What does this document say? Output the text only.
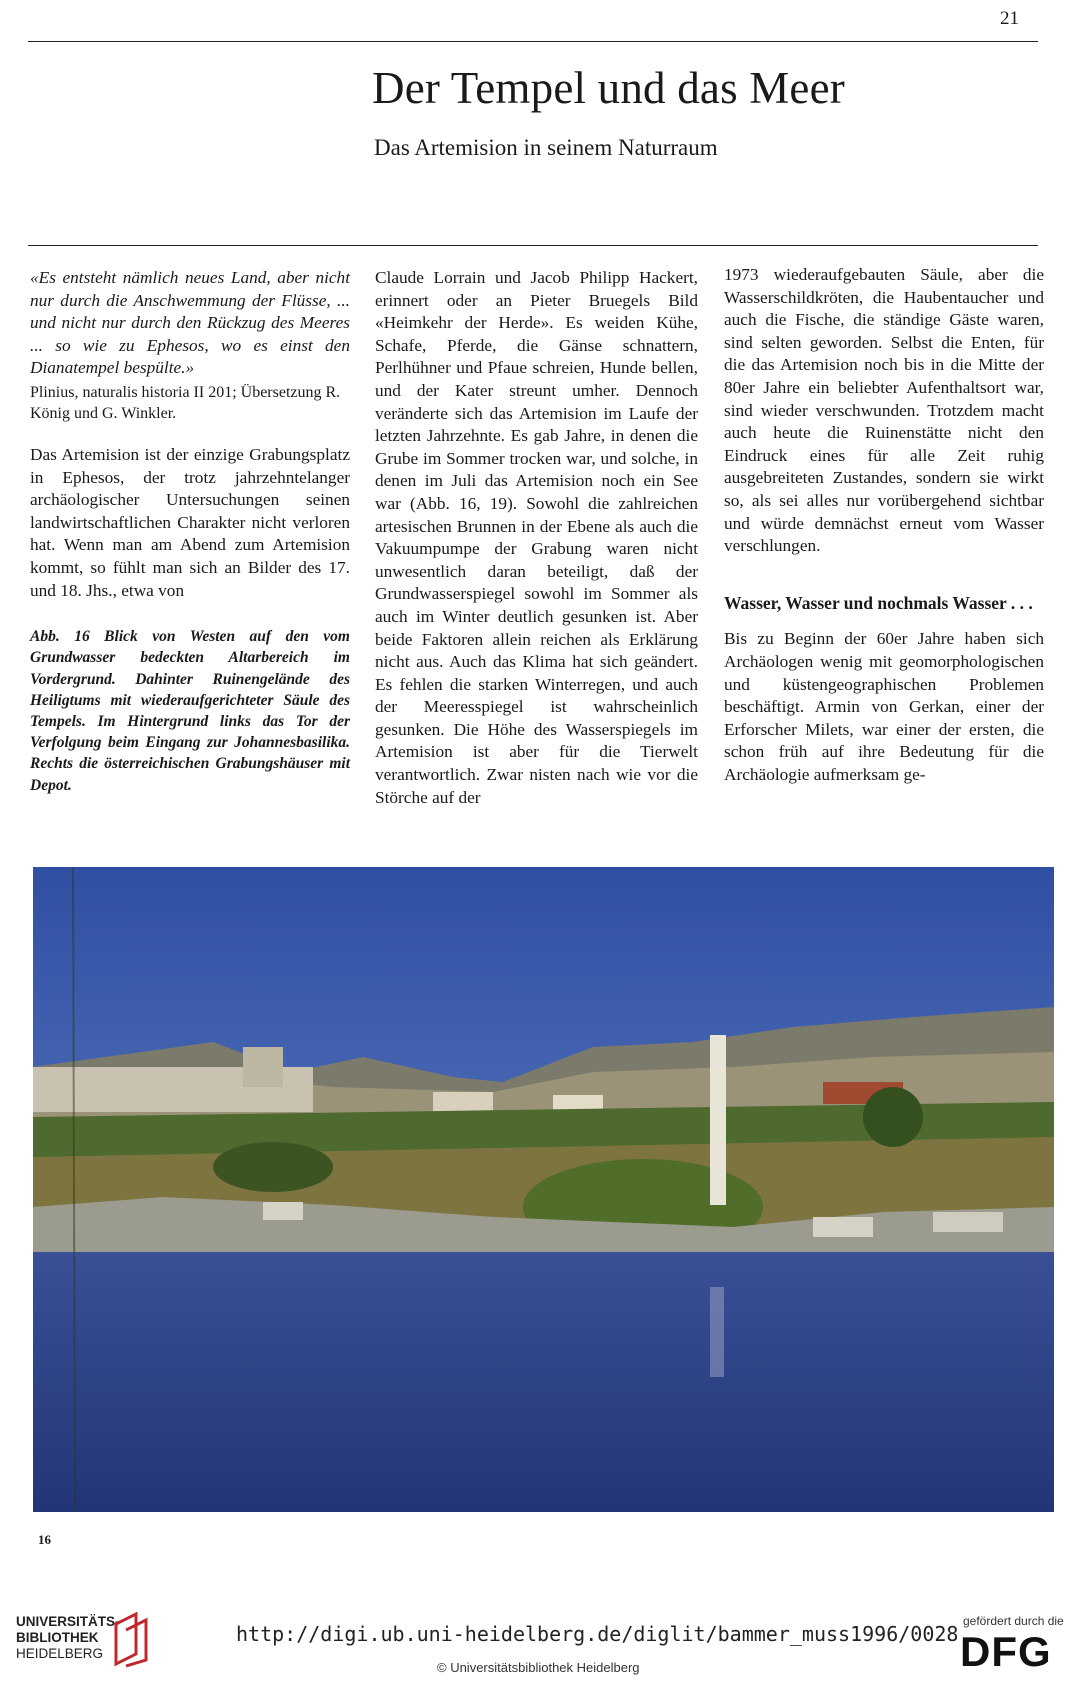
21
Der Tempel und das Meer
Das Artemision in seinem Naturraum

«Es entsteht nämlich neues Land, aber nicht nur durch die Anschwemmung der Flüsse, ... und nicht nur durch den Rückzug des Meeres ... so wie zu Ephesos, wo es einst den Dianatempel bespülte.»

Plinius, naturalis historia II 201; Übersetzung R. König und G. Winkler.

Das Artemision ist der einzige Grabungsplatz in Ephesos, der trotz jahrzehntelanger archäologischer Untersuchungen seinen landwirtschaftlichen Charakter nicht verloren hat. Wenn man am Abend zum Artemision kommt, so fühlt man sich an Bilder des 17. und 18. Jhs., etwa von

Abb. 16 Blick von Westen auf den vom Grundwasser bedeckten Altarbereich im Vordergrund. Dahinter Ruinengelände des Heiligtums mit wiederaufgerichteter Säule des Tempels. Im Hintergrund links das Tor der Verfolgung beim Eingang zur Johannesbasilika. Rechts die österreichischen Grabungshäuser mit Depot.

Claude Lorrain und Jacob Philipp Hackert, erinnert oder an Pieter Bruegels Bild «Heimkehr der Herde». Es weiden Kühe, Schafe, Pferde, die Gänse schnattern, Perlhühner und Pfaue schreien, Hunde bellen, und der Kater streunt umher. Dennoch veränderte sich das Artemision im Laufe der letzten Jahrzehnte. Es gab Jahre, in denen die Grube im Sommer trocken war, und solche, in denen im Juli das Artemision noch ein See war (Abb. 16, 19). Sowohl die zahlreichen artesischen Brunnen in der Ebene als auch die Vakuumpumpe der Grabung waren nicht unwesentlich daran beteiligt, daß der Grundwasserspiegel sowohl im Sommer als auch im Winter deutlich gesunken ist. Aber beide Faktoren allein reichen als Erklärung nicht aus. Auch das Klima hat sich geändert. Es fehlen die starken Winterregen, und auch der Meeresspiegel ist wahrscheinlich gesunken. Die Höhe des Wasserspiegels im Artemision ist aber für die Tierwelt verantwortlich. Zwar nisten nach wie vor die Störche auf der

1973 wiederaufgebauten Säule, aber die Wasserschildkröten, die Haubentaucher und auch die Fische, die ständige Gäste waren, sind selten geworden. Selbst die Enten, für die das Artemision noch bis in die Mitte der 80er Jahre ein beliebter Aufenthaltsort war, sind wieder verschwunden. Trotzdem macht auch heute die Ruinenstätte nicht den Eindruck eines für alle Zeit ruhig ausgebreiteten Zustandes, sondern sie wirkt so, als sei alles nur vorübergehend sichtbar und würde demnächst erneut vom Wasser verschlungen.

Wasser, Wasser und nochmals Wasser . . .

Bis zu Beginn der 60er Jahre haben sich Archäologen wenig mit geomorphologischen und küstengeographischen Problemen beschäftigt. Armin von Gerkan, einer der Erforscher Milets, war einer der ersten, die schon früh auf ihre Bedeutung für die Archäologie aufmerksam ge-

16
UNIVERSITÄTS-
BIBLIOTHEK
HEIDELBERG
http://digi.ub.uni-heidelberg.de/diglit/bammer_muss1996/0028
© Universitätsbibliothek Heidelberg
gefördert durch die
DFG
